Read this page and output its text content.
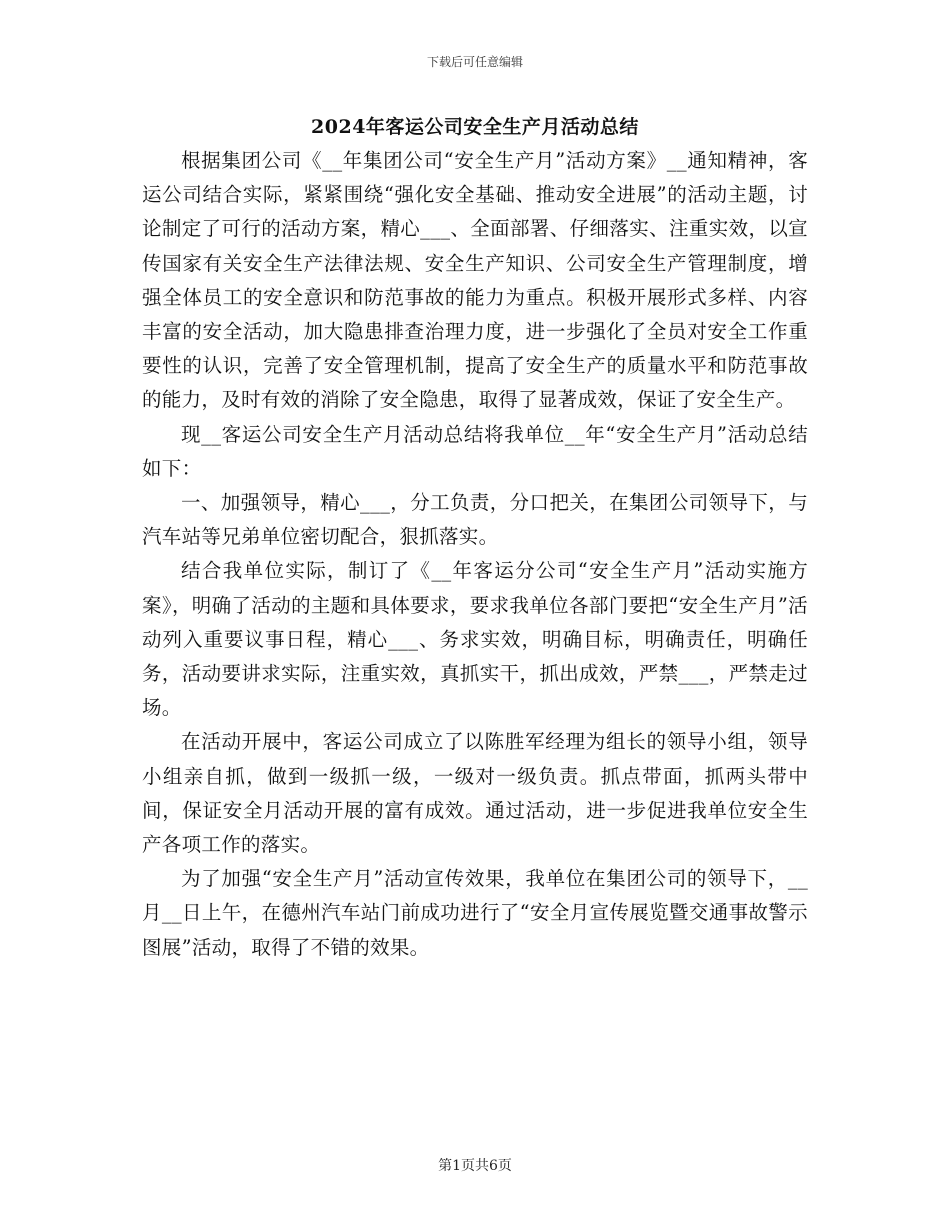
下载后可任意编辑
2024年客运公司安全生产月活动总结

根据集团公司《__年集团公司“安全生产月”活动方案》__通知精神，客运公司结合实际，紧紧围绕“强化安全基础、推动安全进展”的活动主题，讨论制定了可行的活动方案，精心___、全面部署、仔细落实、注重实效，以宣传国家有关安全生产法律法规、安全生产知识、公司安全生产管理制度，增强全体员工的安全意识和防范事故的能力为重点。积极开展形式多样、内容丰富的安全活动，加大隐患排查治理力度，进一步强化了全员对安全工作重要性的认识，完善了安全管理机制，提高了安全生产的质量水平和防范事故的能力，及时有效的消除了安全隐患，取得了显著成效，保证了安全生产。

现__客运公司安全生产月活动总结将我单位__年“安全生产月”活动总结如下：

一、加强领导，精心___，分工负责，分口把关，在集团公司领导下，与汽车站等兄弟单位密切配合，狠抓落实。

结合我单位实际，制订了《__年客运分公司“安全生产月”活动实施方案》，明确了活动的主题和具体要求，要求我单位各部门要把“安全生产月”活动列入重要议事日程，精心___、务求实效，明确目标，明确责任，明确任务，活动要讲求实际，注重实效，真抓实干，抓出成效，严禁___，严禁走过场。

在活动开展中，客运公司成立了以陈胜军经理为组长的领导小组，领导小组亲自抓，做到一级抓一级，一级对一级负责。抓点带面，抓两头带中间，保证安全月活动开展的富有成效。通过活动，进一步促进我单位安全生产各项工作的落实。

为了加强“安全生产月”活动宣传效果，我单位在集团公司的领导下，__月__日上午，在德州汽车站门前成功进行了“安全月宣传展览暨交通事故警示图展”活动，取得了不错的效果。

第1页共6页
